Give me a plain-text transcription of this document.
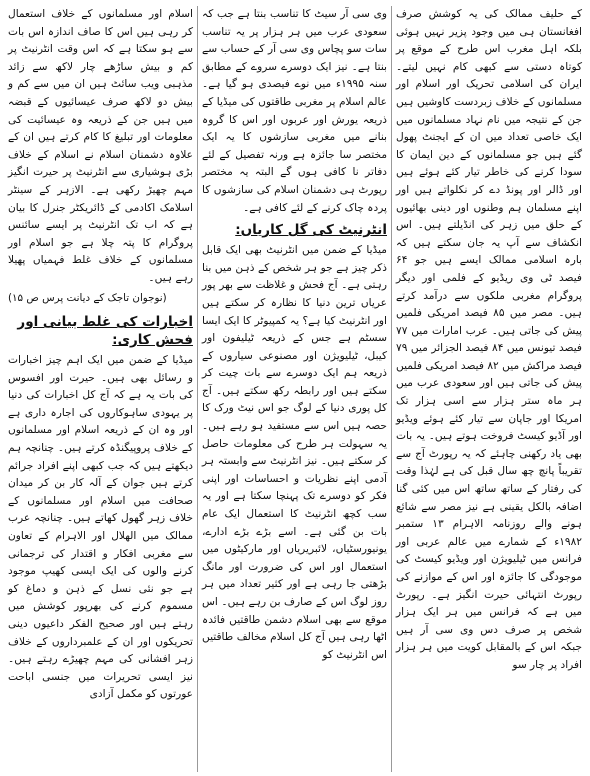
کے حلیف ممالک کی یہ کوشش صرف افغانستان ہی میں وجود پزیر نہیں ہوئی بلکہ اہل مغرب اس طرح کے موقع پر کوتاہ دستی سے کبھی کام نہیں لیتے۔ ایران کی اسلامی تحریک اور اسلام اور مسلمانوں کے خلاف زبردست کاوشیں ہیں جن کے نتیجہ میں نام نہاد مسلمانوں میں ایک خاصی تعداد میں ان کے ایجنٹ پھول گئے ہیں جو مسلمانوں کے دین ایمان کا سودا کرنے کی خاطر تیار کئے ہوئے ہیں اور ڈالر اور پونڈ دے کر نکلواتے ہیں اور اپنے مسلمان ہم وطنوں اور دینی بھائیوں کے حلق میں زہر کی انڈیلتے ہیں۔ اس انکشاف سے آپ یہ جان سکتے ہیں کہ بارہ اسلامی ممالک ایسے ہیں جو ۶۴ فیصد ٹی وی ریڈیو کے فلمی اور دیگر پروگرام مغربی ملکوں سے درآمد کرتے ہیں۔ مصر میں ۸۵ فیصد امریکی فلمیں پیش کی جاتی ہیں۔ عرب امارات میں ۷۷ فیصد تیونس میں ۸۴ فیصد الجزائر میں ۷۹ فیصد مراکش میں ۸۲ فیصد امریکی فلمیں پیش کی جاتی ہیں اور سعودی عرب میں ہر ماہ ستر ہزار سے اسی ہزار تک امریکا اور جاپان سے تیار کئے ہوئے ویڈیو اور آڈیو کیسٹ فروخت ہوتے ہیں۔ یہ بات بھی یاد رکھنی چاہئے کہ یہ رپورٹ آج سے تقریباً پانچ چھ سال قبل کی ہے لہٰذا وقت کی رفتار کے ساتھ ساتھ اس میں کئی گنا اضافہ بالکل یقینی ہے نیز مصر سے شائع ہونے والے روزنامہ الاہرام ۱۳ ستمبر ۱۹۸۲ء کے شمارے میں عالم عربی اور فرانس میں ٹیلیویژن اور ویڈیو کیسٹ کی موجودگی کا جائزہ اور اس کے موازنے کی رپورٹ انتہائی حیرت انگیز ہے۔ رپورٹ میں ہے کہ فرانس میں ہر ایک ہزار شخص پر صرف دس وی سی آر ہیں جبکہ اس کے بالمقابل کویت میں ہر ہزار افراد پر چار سو

وی سی آر سیٹ کا تناسب بنتا ہے جب کہ سعودی عرب میں ہر ہزار پر یہ تناسب سات سو پچاس وی سی آر کے حساب سے بنتا ہے۔ نیز ایک دوسرے سروے کے مطابق سنہ ۱۹۹۵ء میں نوے فیصدی ہو گیا ہے۔ عالم اسلام پر مغربی طاقتوں کی میڈیا کے ذریعہ یورش اور عربوں اور اس کا گروہ بنانے میں مغربی سازشوں کا یہ ایک مختصر سا جائزہ ہے ورنہ تفصیل کے لئے دفاتر نا کافی ہوں گے البتہ یہ مختصر رپورٹ ہی دشمنان اسلام کی سازشوں کا پردہ چاک کرنے کے لئے کافی ہے۔

انٹرنیٹ کی گل کاریاں:

میڈیا کے ضمن میں انٹرنیٹ بھی ایک قابل ذکر چیز ہے جو ہر شخص کے ذہن میں بنا رہتی ہے۔ آج فحش و غلاظت سے بھر پور عریاں ترین دنیا کا نظارہ کر سکتے ہیں اور انٹرنیٹ کیا ہے؟ یہ کمپیوٹر کا ایک ایسا سسٹم ہے جس کے ذریعہ ٹیلیفون اور کیبل، ٹیلیویژن اور مصنوعی سیاروں کے ذریعہ ہم ایک دوسرے سے بات چیت کر سکتے ہیں اور رابطہ رکھ سکتے ہیں۔ آج کل پوری دنیا کے لوگ جو اس نیٹ ورک کا حصہ ہیں اس سے مستفید ہو رہے ہیں۔ یہ سہولت ہر طرح کی معلومات حاصل کر سکتے ہیں۔ نیز انٹرنیٹ سے وابستہ ہر آدمی اپنے نظریات و احساسات اور اپنی فکر کو دوسرے تک پہنچا سکتا ہے اور یہ سب کچھ انٹرنیٹ کا استعمال ایک عام بات بن گئی ہے۔ اسے بڑے بڑے ادارے، یونیورسٹیاں، لائبریریاں اور مارکیٹوں میں استعمال اور اس کی ضرورت اور مانگ بڑھتی جا رہی ہے اور کثیر تعداد میں ہر روز لوگ اس کے صارف بن رہے ہیں۔ اس موقع سے بھی اسلام دشمن طاقتیں فائدہ اٹھا رہی ہیں آج کل اسلام مخالف طاقتیں اس انٹرنیٹ کو

اسلام اور مسلمانوں کے خلاف استعمال کر رہی ہیں اس کا صاف اندازہ اس بات سے ہو سکتا ہے کہ اس وقت انٹرنیٹ پر کم و بیش ساڑھے چار لاکھ سے زائد مذہبی ویب سائٹ ہیں ان میں سے کم و بیش دو لاکھ صرف عیسائیوں کے قبضہ میں ہیں جن کے ذریعہ وہ عیسائیت کی معلومات اور تبلیغ کا کام کرتے ہیں ان کے علاوہ دشمنان اسلام نے اسلام کے خلاف بڑی ہوشیاری سے انٹرنیٹ پر حیرت انگیز مہم چھیڑ رکھی ہے۔ الازہر کے سینٹر اسلامک اکادمی کے ڈائریکٹر جنرل کا بیان ہے کہ اب تک انٹرنیٹ پر ایسے سائنس پروگرام کا پتہ چلا ہے جو اسلام اور مسلمانوں کے خلاف غلط فہمیاں پھیلا رہے ہیں۔

(نوجوان تاجک کے دیانت پرس ص ۱۵)

اخبارات کی غلط بیانی اور فحش کاری:

میڈیا کے ضمن میں ایک اہم چیز اخبارات و رسائل بھی ہیں۔ حیرت اور افسوس کی بات یہ ہے کہ آج کل اخبارات کی دنیا پر یہودی ساہوکاروں کی اجارہ داری ہے اور وہ ان کے ذریعہ اسلام اور مسلمانوں کے خلاف پروپیگنڈہ کرتے ہیں۔ چنانچہ ہم دیکھتے ہیں کہ جب کبھی اپنے افراد جرائم کرتے ہیں جوان کے آلہ کار بن کر میدان صحافت میں اسلام اور مسلمانوں کے خلاف زہر گھول کھاتے ہیں۔ چنانچہ عرب ممالک میں الهلال اور الاہرام کے تعاون سے مغربی افکار و اقتدار کی ترجمانی کرنے والوں کی ایک ایسی کھیپ موجود ہے جو نئی نسل کے ذہن و دماغ کو مسموم کرنے کی بھرپور کوشش میں رہتے ہیں اور صحیح الفکر داعیوں دینی تحریکوں اور ان کے علمبرداروں کے خلاف زہر افشانی کی مہم چھیڑے رہتے ہیں۔ نیز ایسی تحریرات میں جنسی اباحت عورتوں کو مکمل آزادی
